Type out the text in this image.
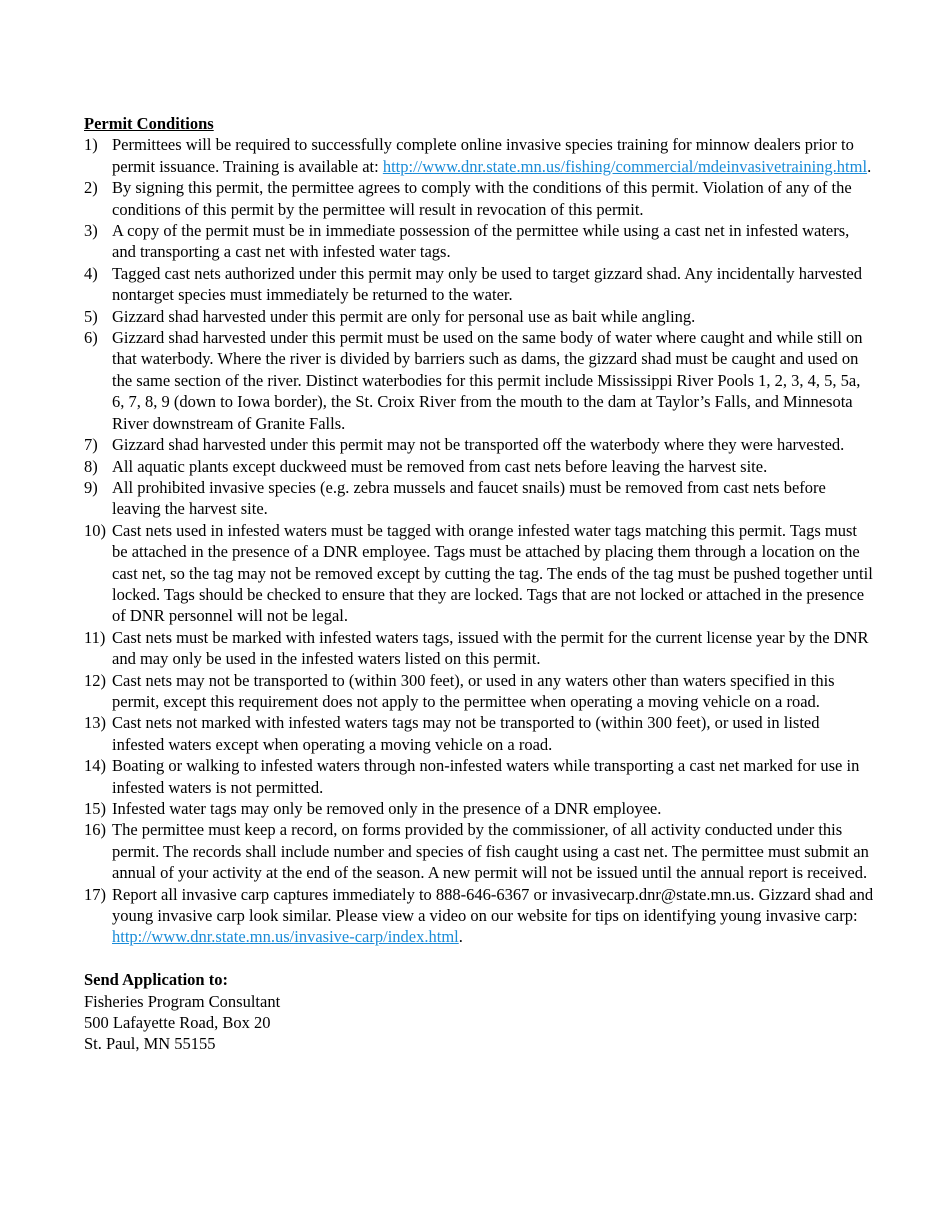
Permit Conditions
1) Permittees will be required to successfully complete online invasive species training for minnow dealers prior to permit issuance. Training is available at: http://www.dnr.state.mn.us/fishing/commercial/mdeinvasivetraining.html.
2) By signing this permit, the permittee agrees to comply with the conditions of this permit. Violation of any of the conditions of this permit by the permittee will result in revocation of this permit.
3) A copy of the permit must be in immediate possession of the permittee while using a cast net in infested waters, and transporting a cast net with infested water tags.
4) Tagged cast nets authorized under this permit may only be used to target gizzard shad. Any incidentally harvested nontarget species must immediately be returned to the water.
5) Gizzard shad harvested under this permit are only for personal use as bait while angling.
6) Gizzard shad harvested under this permit must be used on the same body of water where caught and while still on that waterbody. Where the river is divided by barriers such as dams, the gizzard shad must be caught and used on the same section of the river. Distinct waterbodies for this permit include Mississippi River Pools 1, 2, 3, 4, 5, 5a, 6, 7, 8, 9 (down to Iowa border), the St. Croix River from the mouth to the dam at Taylor’s Falls, and Minnesota River downstream of Granite Falls.
7) Gizzard shad harvested under this permit may not be transported off the waterbody where they were harvested.
8) All aquatic plants except duckweed must be removed from cast nets before leaving the harvest site.
9) All prohibited invasive species (e.g. zebra mussels and faucet snails) must be removed from cast nets before leaving the harvest site.
10) Cast nets used in infested waters must be tagged with orange infested water tags matching this permit. Tags must be attached in the presence of a DNR employee. Tags must be attached by placing them through a location on the cast net, so the tag may not be removed except by cutting the tag. The ends of the tag must be pushed together until locked. Tags should be checked to ensure that they are locked. Tags that are not locked or attached in the presence of DNR personnel will not be legal.
11) Cast nets must be marked with infested waters tags, issued with the permit for the current license year by the DNR and may only be used in the infested waters listed on this permit.
12) Cast nets may not be transported to (within 300 feet), or used in any waters other than waters specified in this permit, except this requirement does not apply to the permittee when operating a moving vehicle on a road.
13) Cast nets not marked with infested waters tags may not be transported to (within 300 feet), or used in listed infested waters except when operating a moving vehicle on a road.
14) Boating or walking to infested waters through non-infested waters while transporting a cast net marked for use in infested waters is not permitted.
15) Infested water tags may only be removed only in the presence of a DNR employee.
16) The permittee must keep a record, on forms provided by the commissioner, of all activity conducted under this permit. The records shall include number and species of fish caught using a cast net. The permittee must submit an annual of your activity at the end of the season. A new permit will not be issued until the annual report is received.
17) Report all invasive carp captures immediately to 888-646-6367 or invasivecarp.dnr@state.mn.us. Gizzard shad and young invasive carp look similar. Please view a video on our website for tips on identifying young invasive carp: http://www.dnr.state.mn.us/invasive-carp/index.html.
Send Application to:
Fisheries Program Consultant
500 Lafayette Road, Box 20
St. Paul, MN 55155
